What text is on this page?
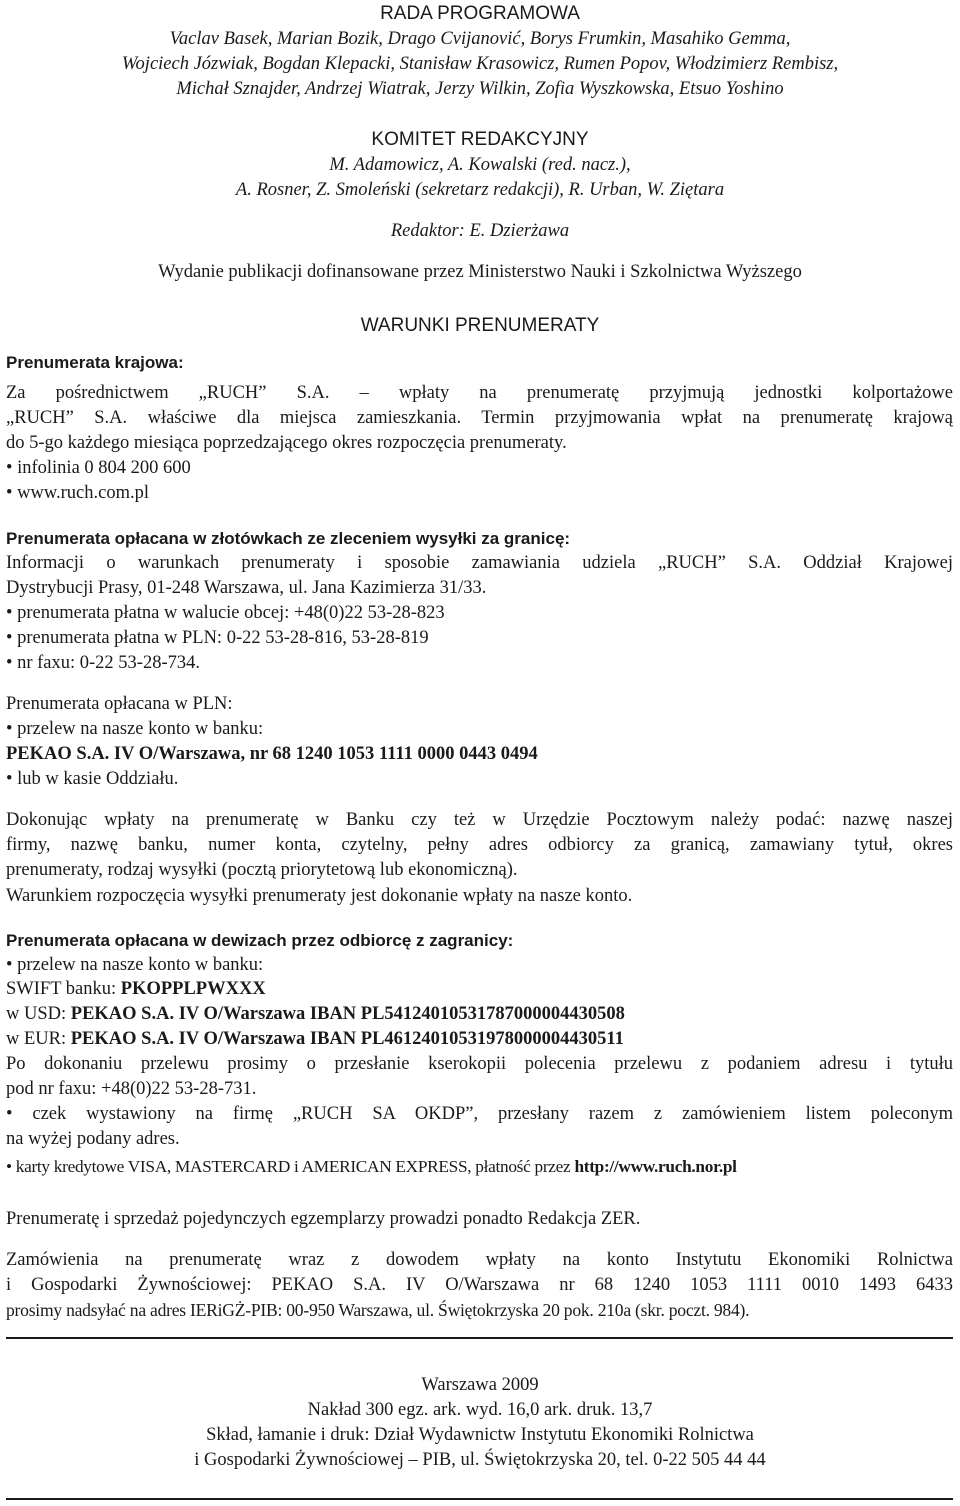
RADA PROGRAMOWA
Vaclav Basek, Marian Bozik, Drago Cvijanović, Borys Frumkin, Masahiko Gemma,
Wojciech Józwiak, Bogdan Klepacki, Stanisław Krasowicz, Rumen Popov, Włodzimierz Rembisz,
Michał Sznajder, Andrzej Wiatrak, Jerzy Wilkin, Zofia Wyszkowska, Etsuo Yoshino
KOMITET REDAKCYJNY
M. Adamowicz, A. Kowalski (red. nacz.),
A. Rosner, Z. Smoleński (sekretarz redakcji), R. Urban, W. Ziętara
Redaktor: E. Dzierżawa
Wydanie publikacji dofinansowane przez Ministerstwo Nauki i Szkolnictwa Wyższego
WARUNKI PRENUMERATY
Prenumerata krajowa:
Za pośrednictwem „RUCH” S.A. – wpłaty na prenumeratę przyjmują jednostki kolportażowe
„RUCH” S.A. właściwe dla miejsca zamieszkania. Termin przyjmowania wpłat na prenumeratę krajową
do 5-go każdego miesiąca poprzedzającego okres rozpoczęcia prenumeraty.
• infolinia 0 804 200 600
• www.ruch.com.pl
Prenumerata opłacana w złotówkach ze zleceniem wysyłki za granicę:
Informacji o warunkach prenumeraty i sposobie zamawiania udziela „RUCH” S.A. Oddział Krajowej
Dystrybucji Prasy, 01-248 Warszawa, ul. Jana Kazimierza 31/33.
• prenumerata płatna w walucie obcej: +48(0)22 53-28-823
• prenumerata płatna w PLN: 0-22 53-28-816, 53-28-819
• nr faxu: 0-22 53-28-734.
Prenumerata opłacana w PLN:
• przelew na nasze konto w banku:
PEKAO S.A. IV O/Warszawa, nr 68 1240 1053 1111 0000 0443 0494
• lub w kasie Oddziału.
Dokonując wpłaty na prenumeratę w Banku czy też w Urzędzie Pocztowym należy podać: nazwę naszej
firmy, nazwę banku, numer konta, czytelny, pełny adres odbiorcy za granicą, zamawiany tytuł, okres
prenumeraty, rodzaj wysyłki (pocztą priorytetową lub ekonomiczną).
Warunkiem rozpoczęcia wysyłki prenumeraty jest dokonanie wpłaty na nasze konto.
Prenumerata opłacana w dewizach przez odbiorcę z zagranicy:
• przelew na nasze konto w banku:
SWIFT banku: PKOPPLPWXXX
w USD: PEKAO S.A. IV O/Warszawa IBAN PL54124010531787000004430508
w EUR: PEKAO S.A. IV O/Warszawa IBAN PL46124010531978000004430511
Po dokonaniu przelewu prosimy o przesłanie kserokopii polecenia przelewu z podaniem adresu i tytułu
pod nr faxu: +48(0)22 53-28-731.
• czek wystawiony na firmę „RUCH SA OKDP”, przesłany razem z zamówieniem listem poleconym
na wyżej podany adres.
• karty kredytowe VISA, MASTERCARD i AMERICAN EXPRESS, płatność przez http://www.ruch.nor.pl
Prenumeratę i sprzedaż pojedynczych egzemplarzy prowadzi ponadto Redakcja ZER.
Zamówienia na prenumeratę wraz z dowodem wpłaty na konto Instytutu Ekonomiki Rolnictwa
i Gospodarki Żywnościowej: PEKAO S.A. IV O/Warszawa nr 68 1240 1053 1111 0010 1493 6433
prosimy nadsyłać na adres IERiGŻ-PIB: 00-950 Warszawa, ul. Świętokrzyska 20 pok. 210a (skr. poczt. 984).
Warszawa 2009
Nakład 300 egz. ark. wyd. 16,0 ark. druk. 13,7
Skład, łamanie i druk: Dział Wydawnictw Instytutu Ekonomiki Rolnictwa
i Gospodarki Żywnościowej – PIB, ul. Świętokrzyska 20, tel. 0-22 505 44 44
